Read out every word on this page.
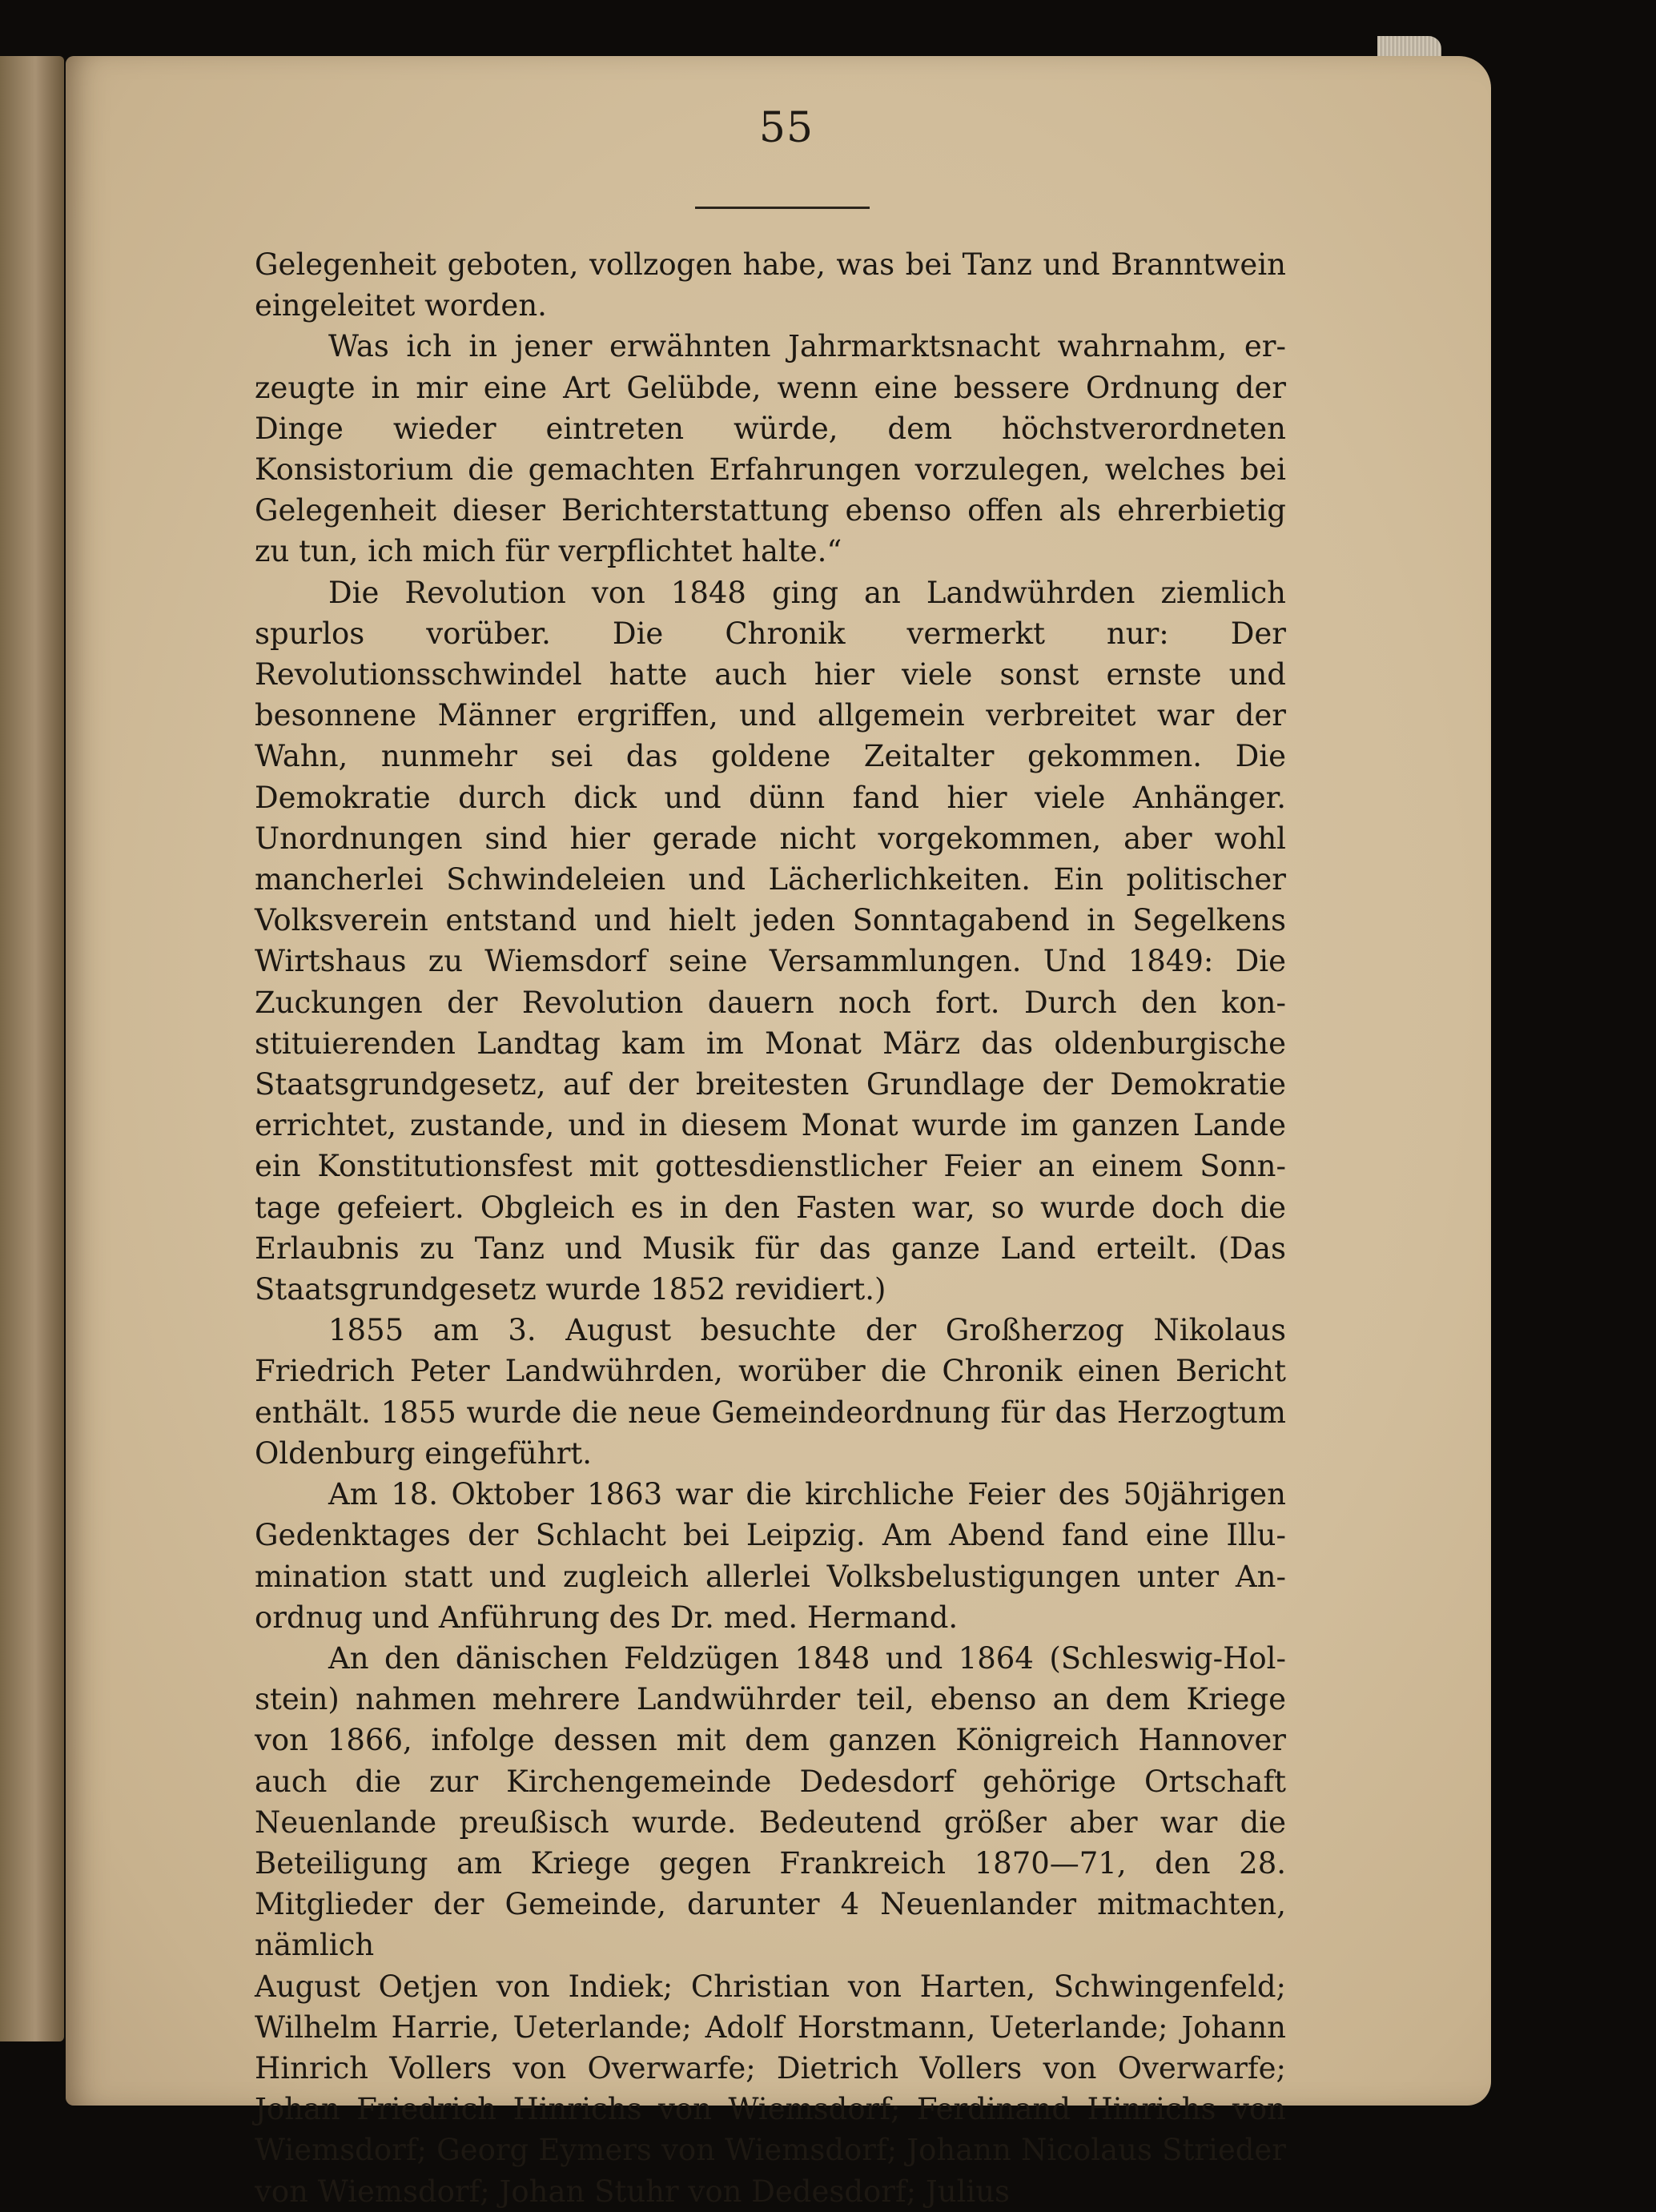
55

Gelegenheit geboten, vollzogen habe, was bei Tanz und Branntwein eingeleitet worden.

Was ich in jener erwähnten Jahrmarktsnacht wahrnahm, erzeugte in mir eine Art Gelübde, wenn eine bessere Ordnung der Dinge wieder eintreten würde, dem höchstverordneten Konsistorium die gemachten Erfahrungen vorzulegen, welches bei Gelegenheit dieser Berichterstattung ebenso offen als ehrerbietig zu tun, ich mich für verpflichtet halte.“

Die Revolution von 1848 ging an Landwührden ziemlich spurlos vorüber. Die Chronik vermerkt nur: Der Revolutionsschwindel hatte auch hier viele sonst ernste und besonnene Männer ergriffen, und allgemein verbreitet war der Wahn, nunmehr sei das goldene Zeitalter gekommen. Die Demokratie durch dick und dünn fand hier viele Anhänger. Unordnungen sind hier gerade nicht vorgekommen, aber wohl mancherlei Schwindeleien und Lächerlichkeiten. Ein politischer Volksverein entstand und hielt jeden Sonntagabend in Segelkens Wirtshaus zu Wiemsdorf seine Versammlungen. Und 1849: Die Zuckungen der Revolution dauern noch fort. Durch den konstituierenden Landtag kam im Monat März das oldenburgische Staatsgrundgesetz, auf der breitesten Grundlage der Demokratie errichtet, zustande, und in diesem Monat wurde im ganzen Lande ein Konstitutionsfest mit gottesdienstlicher Feier an einem Sonntage gefeiert. Obgleich es in den Fasten war, so wurde doch die Erlaubnis zu Tanz und Musik für das ganze Land erteilt. (Das Staatsgrundgesetz wurde 1852 revidiert.)

1855 am 3. August besuchte der Großherzog Nikolaus Friedrich Peter Landwührden, worüber die Chronik einen Bericht enthält. 1855 wurde die neue Gemeindeordnung für das Herzogtum Oldenburg eingeführt.

Am 18. Oktober 1863 war die kirchliche Feier des 50jährigen Gedenktages der Schlacht bei Leipzig. Am Abend fand eine Illumination statt und zugleich allerlei Volksbelustigungen unter Anordnug und Anführung des Dr. med. Hermand.

An den dänischen Feldzügen 1848 und 1864 (Schleswig-Holstein) nahmen mehrere Landwührder teil, ebenso an dem Kriege von 1866, infolge dessen mit dem ganzen Königreich Hannover auch die zur Kirchengemeinde Dedesdorf gehörige Ortschaft Neuenlande preußisch wurde. Bedeutend größer aber war die Beteiligung am Kriege gegen Frankreich 1870—71, den 28. Mitglieder der Gemeinde, darunter 4 Neuenlander mitmachten, nämlich

August Oetjen von Indiek; Christian von Harten, Schwingenfeld; Wilhelm Harrie, Ueterlande; Adolf Horstmann, Ueterlande; Johann Hinrich Vollers von Overwarfe; Dietrich Vollers von Overwarfe; Johan Friedrich Hinrichs von Wiemsdorf; Ferdinand Hinrichs von Wiemsdorf; Georg Eymers von Wiemsdorf; Johann Nicolaus Strieder von Wiemsdorf; Johan Stuhr von Dedesdorf; Julius
